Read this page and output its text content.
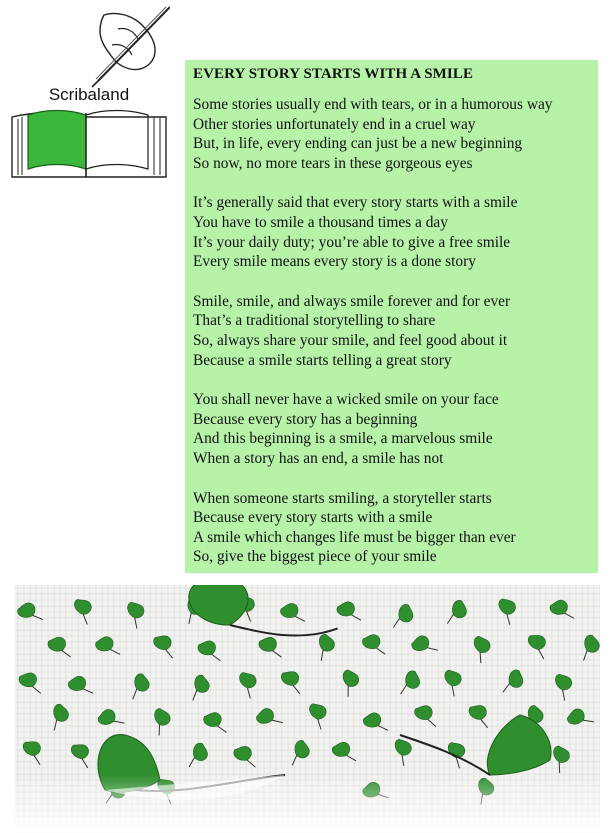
Scribaland
EVERY STORY STARTS WITH A SMILE
Some stories usually end with tears, or in a humorous way
Other stories unfortunately end in a cruel way
But, in life, every ending can just be a new beginning
So now, no more tears in these gorgeous eyes
It’s generally said that every story starts with a smile
You have to smile a thousand times a day
It’s your daily duty; you’re able to give a free smile
Every smile means every story is a done story
Smile, smile, and always smile forever and for ever
That’s a traditional storytelling to share
So, always share your smile, and feel good about it
Because a smile starts telling a great story
You shall never have a wicked smile on your face
Because every story has a beginning
And this beginning is a smile, a marvelous smile
When a story has an end, a smile has not
When someone starts smiling, a storyteller starts
Because every story starts with a smile
A smile which changes life must be bigger than ever
So, give the biggest piece of your smile
